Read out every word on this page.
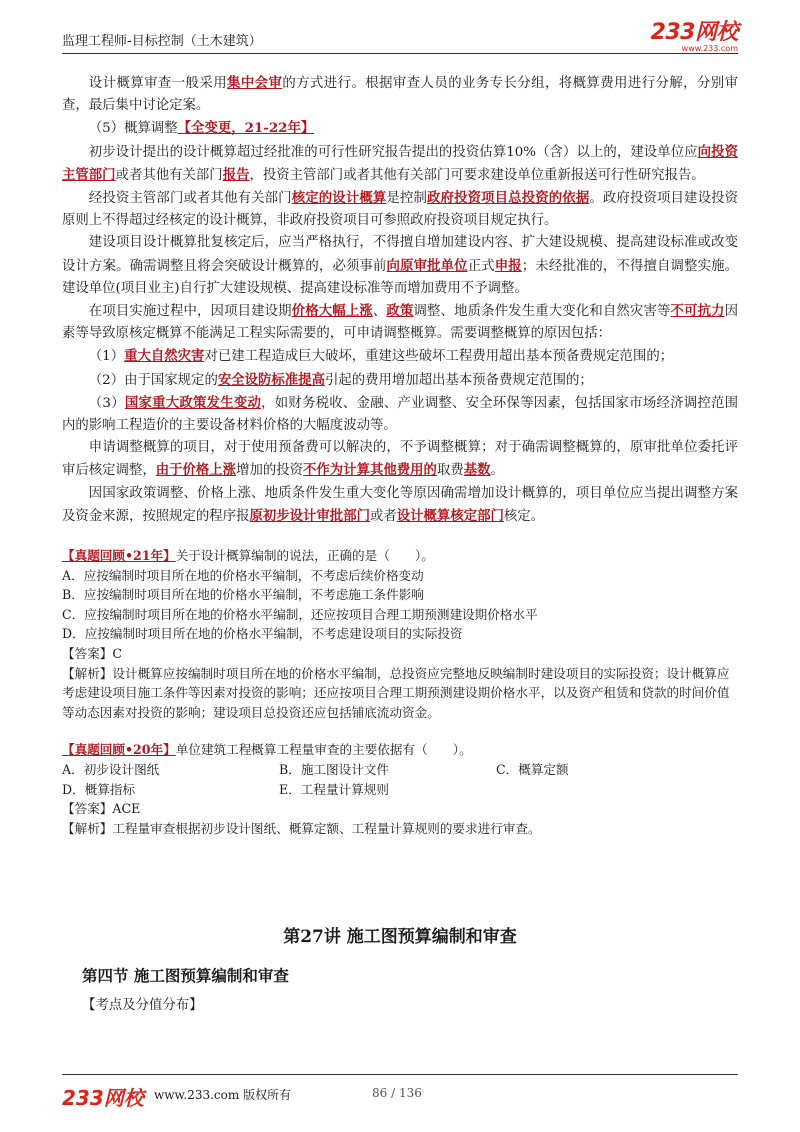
监理工程师-目标控制（土木建筑）	233网校
www.233.com

设计概算审查一般采用集中会审的方式进行。根据审查人员的业务专长分组，将概算费用进行分解，分别审查，最后集中讨论定案。

（5）概算调整【全变更，21-22年】

初步设计提出的设计概算超过经批准的可行性研究报告提出的投资估算10%（含）以上的，建设单位应向投资主管部门或者其他有关部门报告，投资主管部门或者其他有关部门可要求建设单位重新报送可行性研究报告。

经投资主管部门或者其他有关部门核定的设计概算是控制政府投资项目总投资的依据。政府投资项目建设投资原则上不得超过经核定的设计概算，非政府投资项目可参照政府投资项目规定执行。

建设项目设计概算批复核定后，应当严格执行，不得擅自增加建设内容、扩大建设规模、提高建设标准或改变设计方案。确需调整且将会突破设计概算的，必须事前向原审批单位正式申报；未经批准的，不得擅自调整实施。建设单位(项目业主)自行扩大建设规模、提高建设标准等而增加费用不予调整。

在项目实施过程中，因项目建设期价格大幅上涨、政策调整、地质条件发生重大变化和自然灾害等不可抗力因素等导致原核定概算不能满足工程实际需要的，可申请调整概算。需要调整概算的原因包括：

（1）重大自然灾害对已建工程造成巨大破坏，重建这些破坏工程费用超出基本预备费规定范围的；

（2）由于国家规定的安全设防标准提高引起的费用增加超出基本预备费规定范围的；

（3）国家重大政策发生变动，如财务税收、金融、产业调整、安全环保等因素，包括国家市场经济调控范围内的影响工程造价的主要设备材料价格的大幅度波动等。

申请调整概算的项目，对于使用预备费可以解决的，不予调整概算；对于确需调整概算的，原审批单位委托评审后核定调整，由于价格上涨增加的投资不作为计算其他费用的取费基数。

因国家政策调整、价格上涨、地质条件发生重大变化等原因确需增加设计概算的，项目单位应当提出调整方案及资金来源，按照规定的程序报原初步设计审批部门或者设计概算核定部门核定。

【真题回顾•21年】关于设计概算编制的说法，正确的是（　　）。
A．应按编制时项目所在地的价格水平编制，不考虑后续价格变动
B．应按编制时项目所在地的价格水平编制，不考虑施工条件影响
C．应按编制时项目所在地的价格水平编制，还应按项目合理工期预测建设期价格水平
D．应按编制时项目所在地的价格水平编制，不考虑建设项目的实际投资
【答案】C
【解析】设计概算应按编制时项目所在地的价格水平编制，总投资应完整地反映编制时建设项目的实际投资；设计概算应考虑建设项目施工条件等因素对投资的影响；还应按项目合理工期预测建设期价格水平，以及资产租赁和贷款的时间价值等动态因素对投资的影响；建设项目总投资还应包括铺底流动资金。
【真题回顾•20年】单位建筑工程概算工程量审查的主要依据有（　　）。
A．初步设计图纸	B．施工图设计文件	C．概算定额
D．概算指标	E．工程量计算规则
【答案】ACE
【解析】工程量审查根据初步设计图纸、概算定额、工程量计算规则的要求进行审查。
第27讲 施工图预算编制和审查
第四节 施工图预算编制和审查
【考点及分值分布】
233网校 www.233.com 版权所有	86 / 136
